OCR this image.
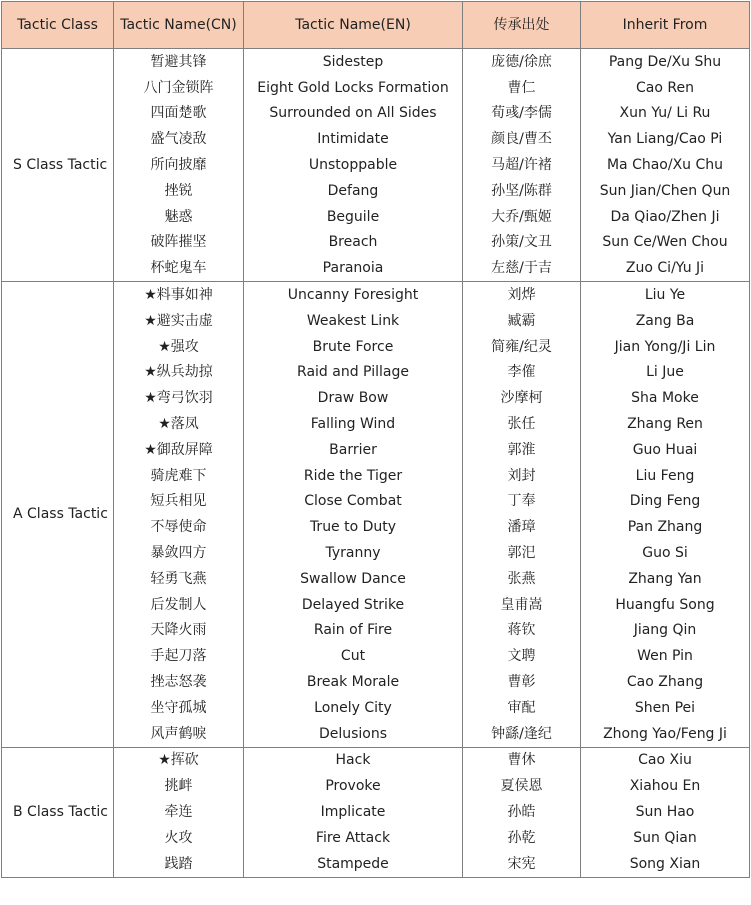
Tactic Class	Tactic Name(CN)	Tactic Name(EN)	传承出处	Inherit From
S Class Tactic	暂避其锋	Sidestep	庞德/徐庶	Pang De/Xu Shu
	八门金锁阵	Eight Gold Locks Formation	曹仁	Cao Ren
	四面楚歌	Surrounded on All Sides	荀彧/李儒	Xun Yu/ Li Ru
	盛气凌敌	Intimidate	颜良/曹丕	Yan Liang/Cao Pi
	所向披靡	Unstoppable	马超/许褚	Ma Chao/Xu Chu
	挫锐	Defang	孙坚/陈群	Sun Jian/Chen Qun
	魅惑	Beguile	大乔/甄姬	Da Qiao/Zhen Ji
	破阵摧坚	Breach	孙策/文丑	Sun Ce/Wen Chou
	杯蛇鬼车	Paranoia	左慈/于吉	Zuo Ci/Yu Ji
A Class Tactic	★料事如神	Uncanny Foresight	刘烨	Liu Ye
	★避实击虚	Weakest Link	臧霸	Zang Ba
	★强攻	Brute Force	简雍/纪灵	Jian Yong/Ji Lin
	★纵兵劫掠	Raid and Pillage	李傕	Li Jue
	★弯弓饮羽	Draw Bow	沙摩柯	Sha Moke
	★落凤	Falling Wind	张任	Zhang Ren
	★御敌屏障	Barrier	郭淮	Guo Huai
	骑虎难下	Ride the Tiger	刘封	Liu Feng
	短兵相见	Close Combat	丁奉	Ding Feng
	不辱使命	True to Duty	潘璋	Pan Zhang
	暴敛四方	Tyranny	郭汜	Guo Si
	轻勇飞燕	Swallow Dance	张燕	Zhang Yan
	后发制人	Delayed Strike	皇甫嵩	Huangfu Song
	天降火雨	Rain of Fire	蒋钦	Jiang Qin
	手起刀落	Cut	文聘	Wen Pin
	挫志怒袭	Break Morale	曹彰	Cao Zhang
	坐守孤城	Lonely City	审配	Shen Pei
	风声鹤唳	Delusions	钟繇/逢纪	Zhong Yao/Feng Ji
B Class Tactic	★挥砍	Hack	曹休	Cao Xiu
	挑衅	Provoke	夏侯恩	Xiahou En
	牵连	Implicate	孙皓	Sun Hao
	火攻	Fire Attack	孙乾	Sun Qian
	践踏	Stampede	宋宪	Song Xian
